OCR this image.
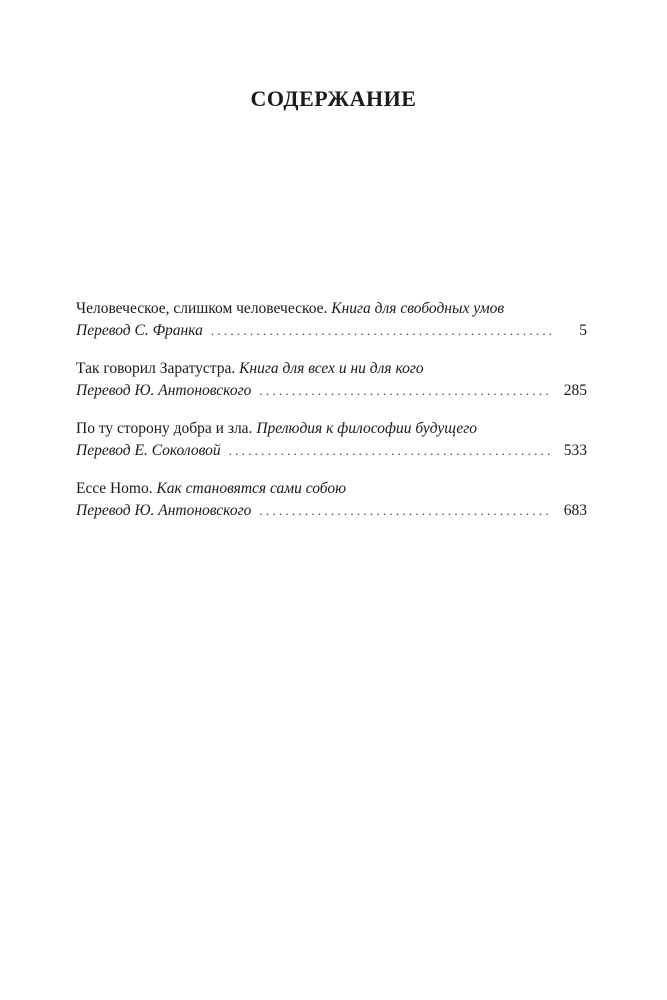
СОДЕРЖАНИЕ
Человеческое, слишком человеческое. Книга для свободных умов
Перевод С. Франка . . .	5
Так говорил Заратустра. Книга для всех и ни для кого
Перевод Ю. Антоновского . . .	285
По ту сторону добра и зла. Прелюдия к философии будущего
Перевод Е. Соколовой . . .	533
Ecce Homo. Как становятся сами собою
Перевод Ю. Антоновского . . .	683
